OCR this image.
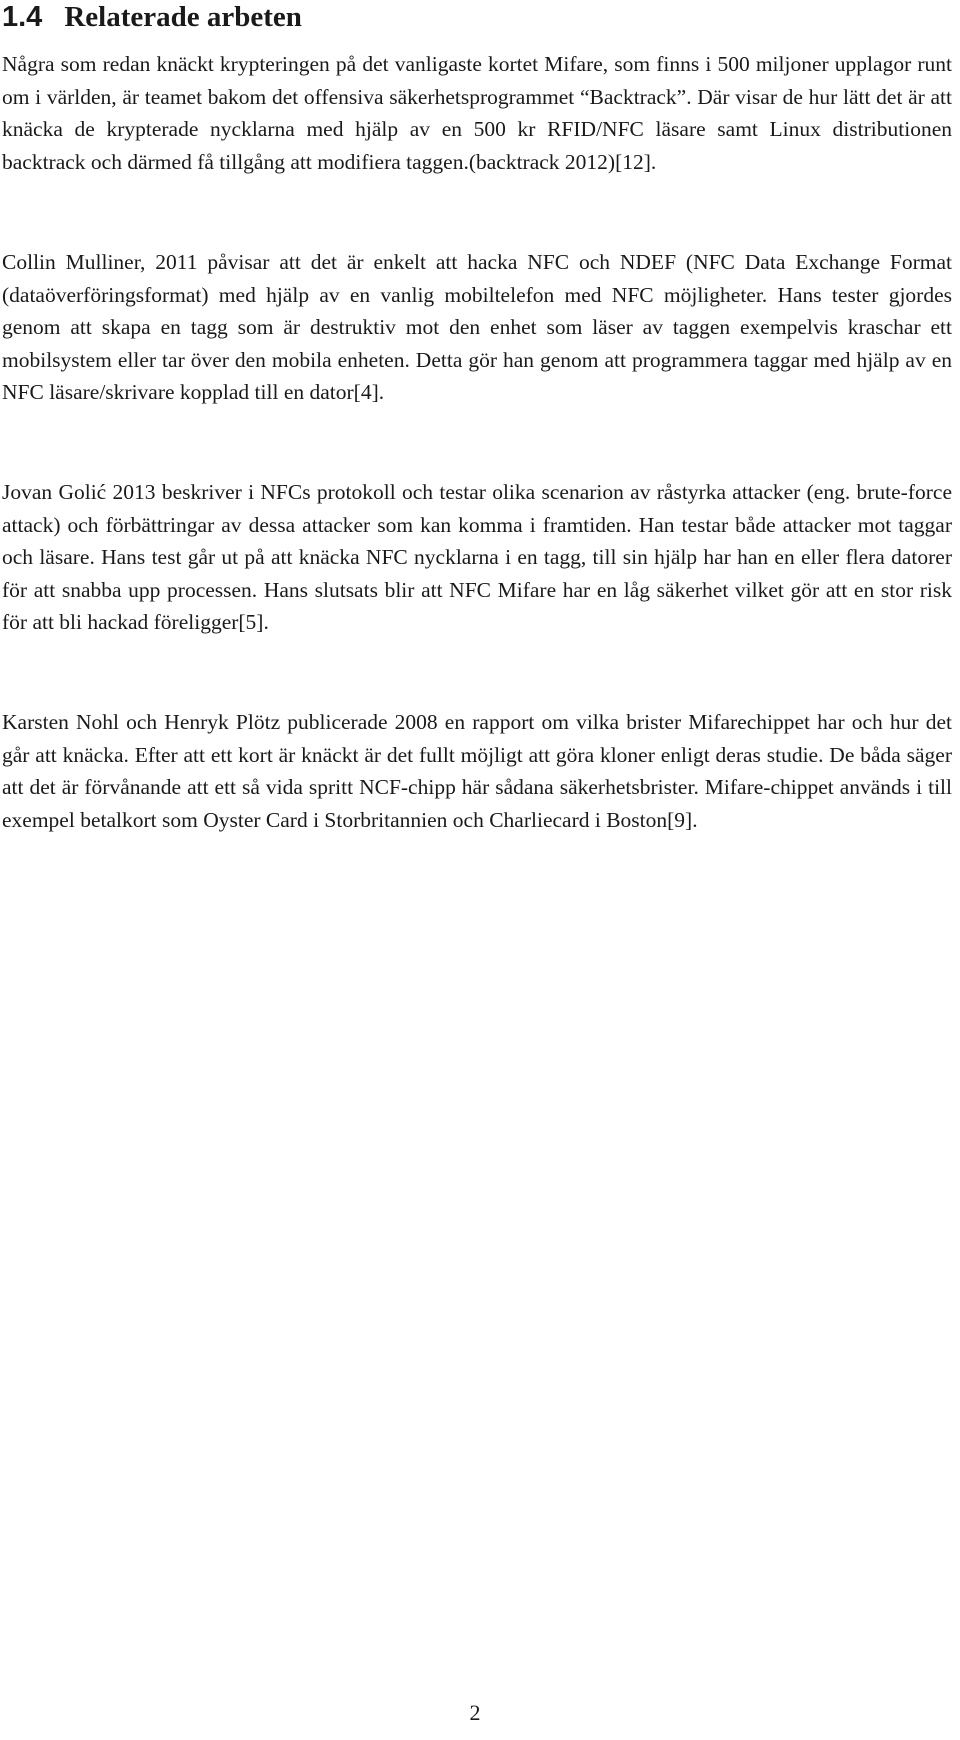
1.4 Relaterade arbeten

Några som redan knäckt krypteringen på det vanligaste kortet Mifare, som finns i 500 miljoner upplagor runt om i världen, är teamet bakom det offensiva säkerhetsprogrammet “Backtrack”. Där visar de hur lätt det är att knäcka de krypterade nycklarna med hjälp av en 500 kr RFID/NFC läsare samt Linux distributionen backtrack och därmed få tillgång att modifiera taggen.(backtrack 2012)[12].

Collin Mulliner, 2011 påvisar att det är enkelt att hacka NFC och NDEF (NFC Data Exchange Format (dataöverföringsformat) med hjälp av en vanlig mobiltelefon med NFC möjligheter. Hans tester gjordes genom att skapa en tagg som är destruktiv mot den enhet som läser av taggen exempelvis kraschar ett mobilsystem eller tar över den mobila enheten. Detta gör han genom att programmera taggar med hjälp av en NFC läsare/skrivare kopplad till en dator[4].

Jovan Golić 2013 beskriver i NFCs protokoll och testar olika scenarion av råstyrka attacker (eng. brute-force attack) och förbättringar av dessa attacker som kan komma i framtiden. Han testar både attacker mot taggar och läsare. Hans test går ut på att knäcka NFC nycklarna i en tagg, till sin hjälp har han en eller flera datorer för att snabba upp processen. Hans slutsats blir att NFC Mifare har en låg säkerhet vilket gör att en stor risk för att bli hackad föreligger[5].

Karsten Nohl och Henryk Plötz publicerade 2008 en rapport om vilka brister Mifarechippet har och hur det går att knäcka. Efter att ett kort är knäckt är det fullt möjligt att göra kloner enligt deras studie. De båda säger att det är förvånande att ett så vida spritt NCF-chipp här sådana säkerhetsbrister. Mifare-chippet används i till exempel betalkort som Oyster Card i Storbritannien och Charliecard i Boston[9].

2
